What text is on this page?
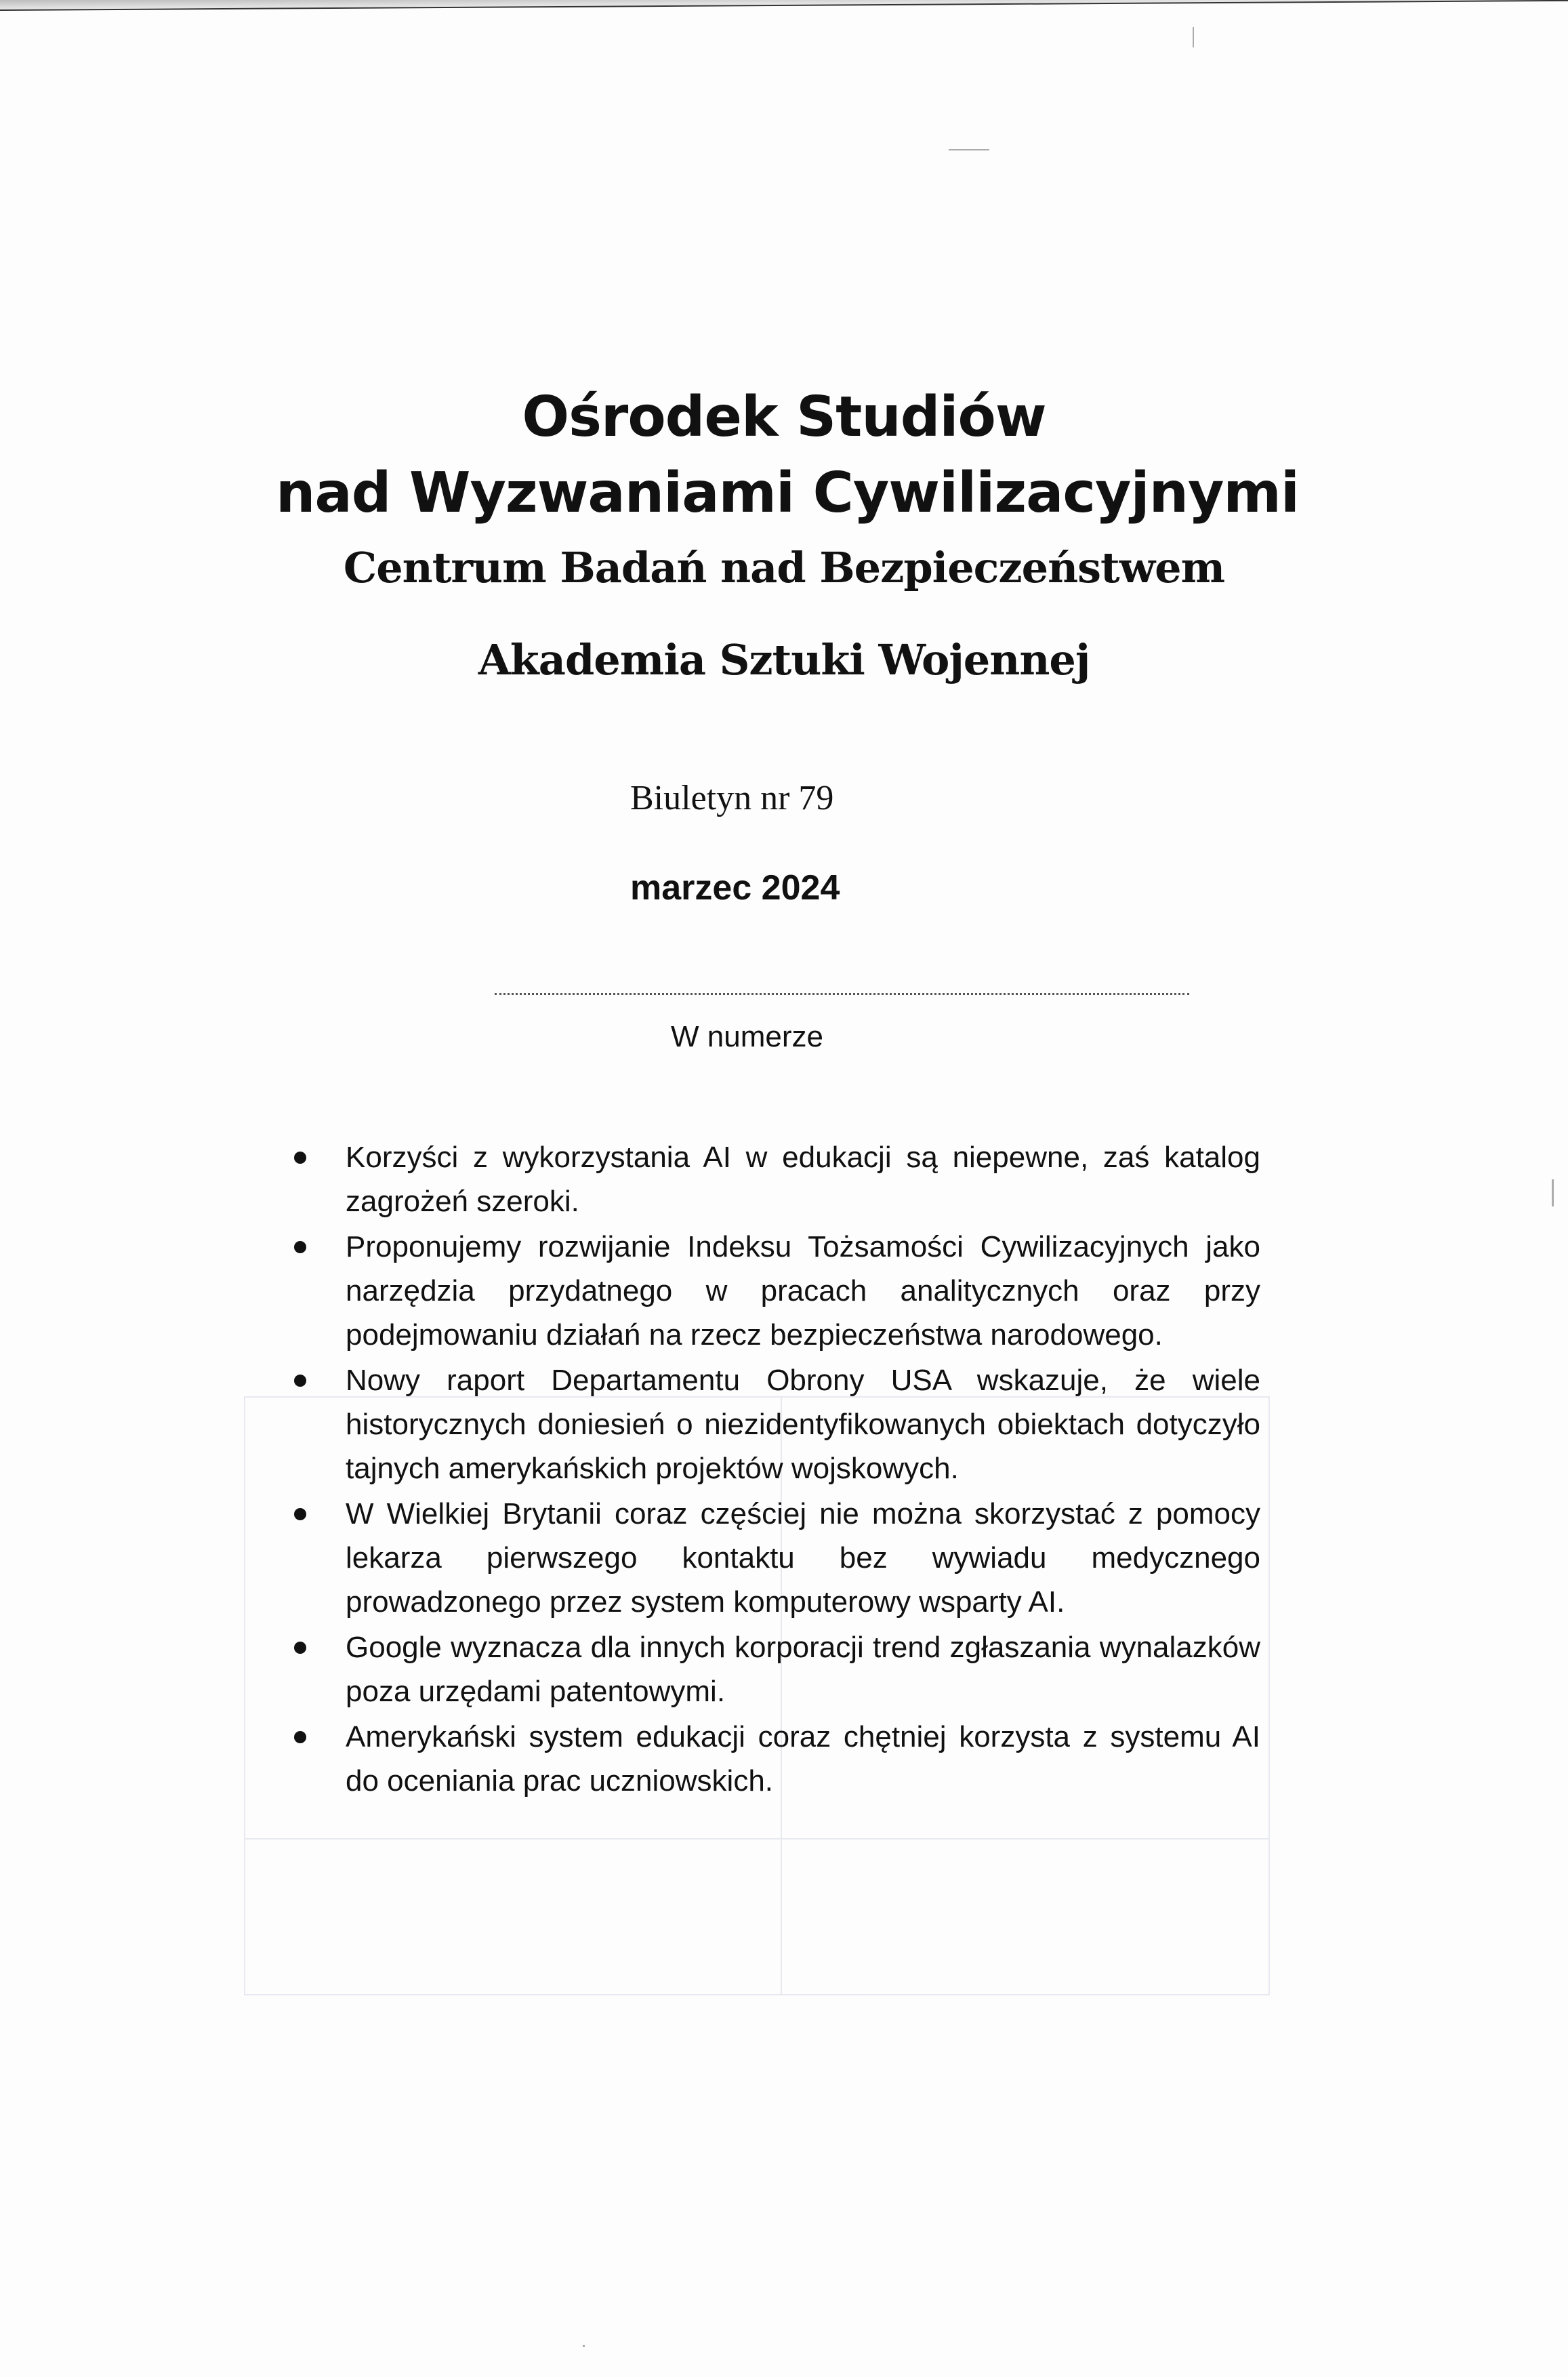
Ośrodek Studiów
nad Wyzwaniami Cywilizacyjnymi
Centrum Badań nad Bezpieczeństwem
Akademia Sztuki Wojennej

Biuletyn nr 79

marzec 2024

W numerze

Korzyści z wykorzystania AI w edukacji są niepewne, zaś katalog zagrożeń szeroki.
Proponujemy rozwijanie Indeksu Tożsamości Cywilizacyjnych jako narzędzia przydatnego w pracach analitycznych oraz przy podejmowaniu działań na rzecz bezpieczeństwa narodowego.
Nowy raport Departamentu Obrony USA wskazuje, że wiele historycznych doniesień o niezidentyfikowanych obiektach dotyczyło tajnych amerykańskich projektów wojskowych.
W Wielkiej Brytanii coraz częściej nie można skorzystać z pomocy lekarza pierwszego kontaktu bez wywiadu medycznego prowadzonego przez system komputerowy wsparty AI.
Google wyznacza dla innych korporacji trend zgłaszania wynalazków poza urzędami patentowymi.
Amerykański system edukacji coraz chętniej korzysta z systemu AI do oceniania prac uczniowskich.
